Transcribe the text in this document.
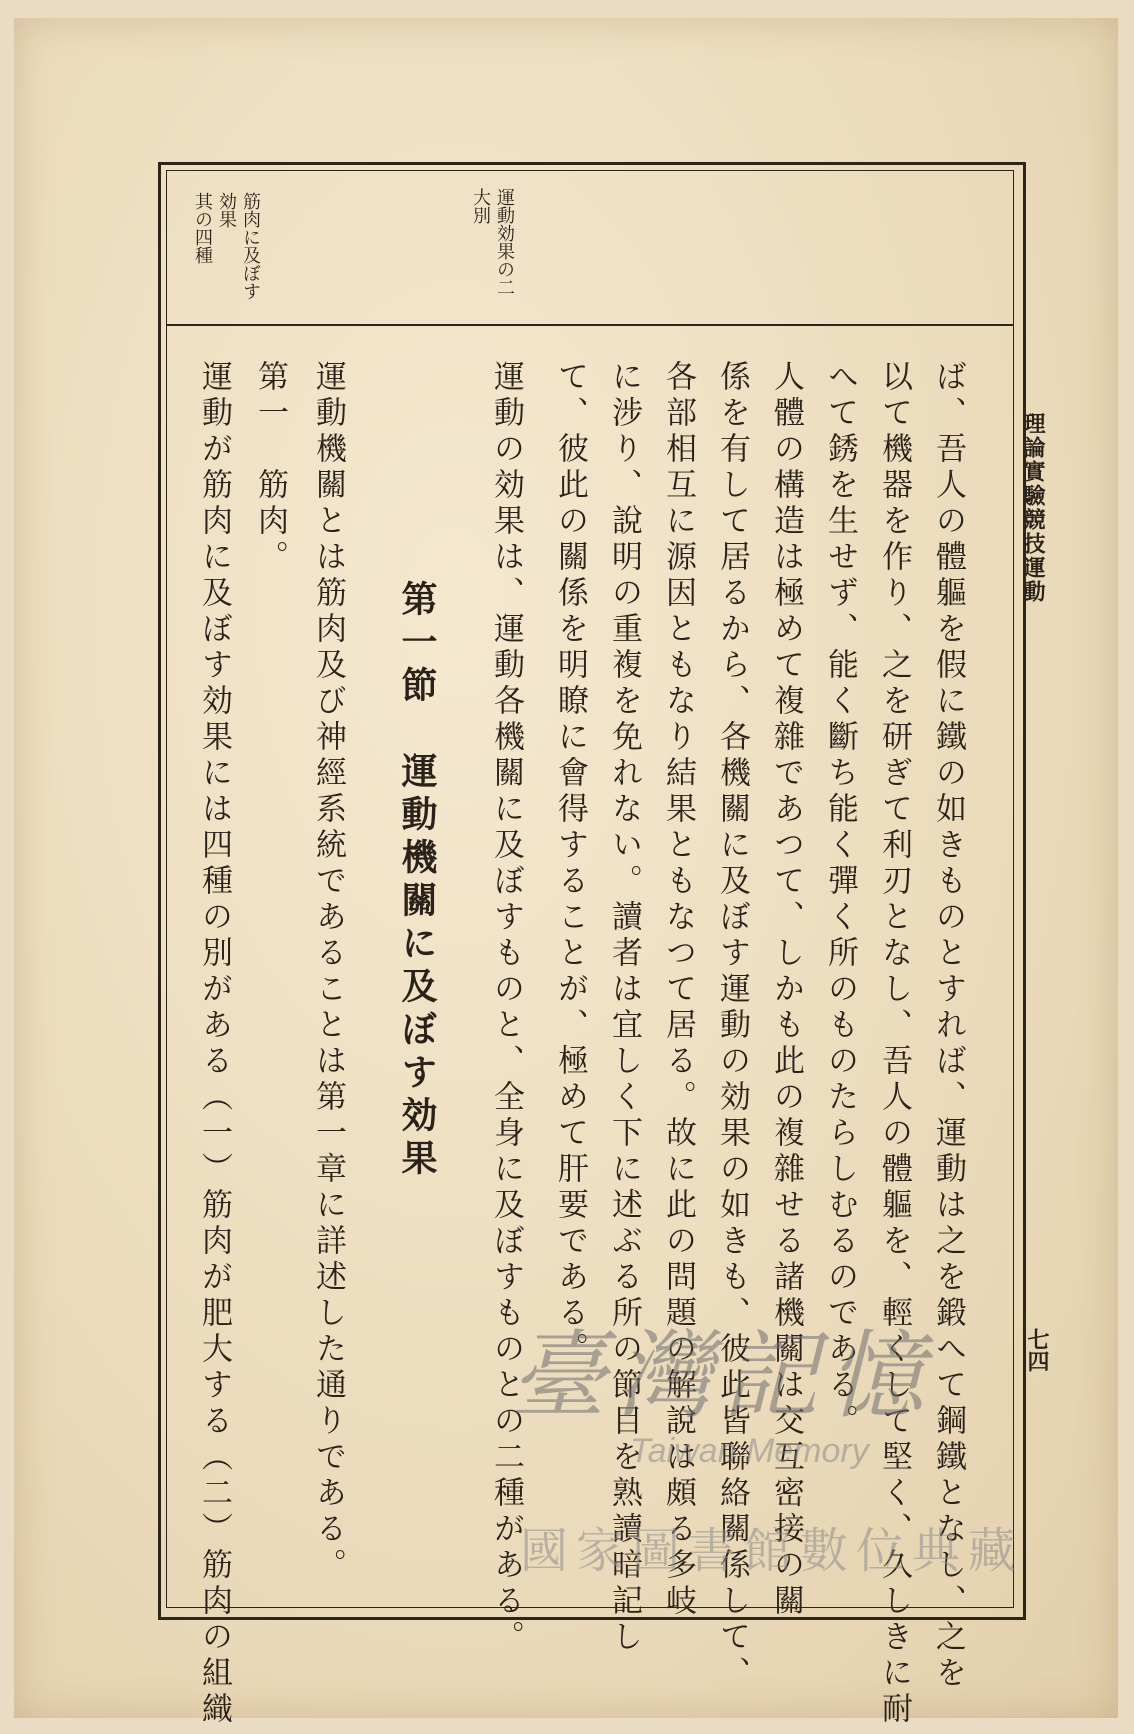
理論實驗競技運動
七四
運動効果の二
大別
筋肉に及ぼす
効果
其の四種
ば、吾人の體軀を假に鐵の如きものとすれば、運動は之を鍛へて鋼鐵となし、之を
以て機器を作り、之を研ぎて利刃となし、吾人の體軀を、輕くして堅く、久しきに耐
へて銹を生せず、能く斷ち能く彈く所のものたらしむるのである。
人體の構造は極めて複雜であつて、しかも此の複雜せる諸機關は交互密接の關
係を有して居るから、各機關に及ぼす運動の効果の如きも、彼此皆聯絡關係して、
各部相互に源因ともなり結果ともなつて居る。故に此の問題の解說は頗る多岐
に涉り、說明の重複を免れない。讀者は宜しく下に述ぶる所の節目を熟讀暗記し
て、彼此の關係を明瞭に會得することが、極めて肝要である。
運動の効果は、運動各機關に及ぼすものと、全身に及ぼすものとの二種がある。
第一節　運動機關に及ぼす効果
運動機關とは筋肉及び神經系統であることは第一章に詳述した通りである。
第一　筋肉。
運動が筋肉に及ぼす効果には四種の別がある（一）筋肉が肥大する（二）筋肉の組織	臺灣記憶
Taiwan Memory
國家圖書館數位典藏
